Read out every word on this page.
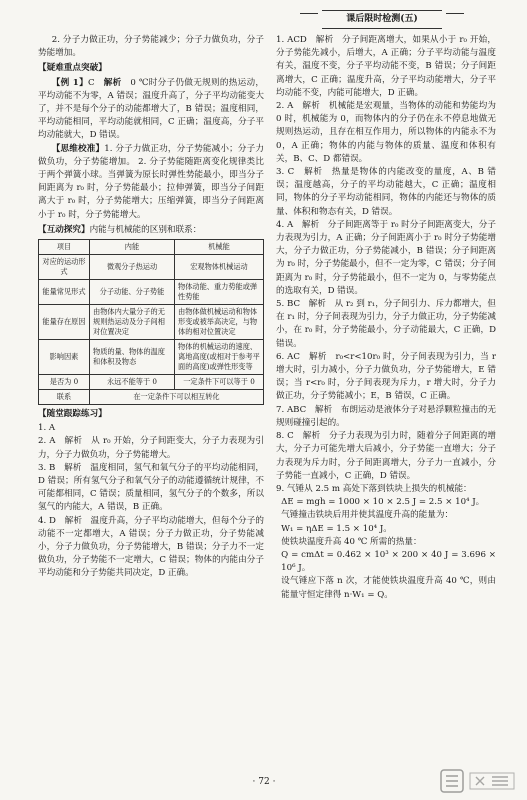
2. 分子力做正功，分子势能减少；分子力做负功，分子势能增加。

【疑难重点突破】

【例 1】C　 解析　 0 ℃时分子仍做无规则的热运动，平均动能不为零，A 错误；温度升高了，分子平均动能变大了，并不是每个分子的动能都增大了，B 错误；温度相同，平均动能相同，平均动能就相同，C 正确；温度高，分子平均动能就大，D 错误。

【思维校准】1. 分子力做正功，分子势能减小；分子力做负功，分子势能增加。 2. 分子势能随距离变化规律类比于两个弹簧小球。当弹簧为原长时弹性势能最小，即当分子间距离为 r₀ 时，分子势能最小；拉伸弹簧，即当分子间距离大于 r₀ 时，分子势能增大；压缩弹簧，即当分子间距离小于 r₀ 时，分子势能增大。

【互动探究】内能与机械能的区别和联系：
项目	内能	机械能
对应的运动形式	微观分子热运动	宏观物体机械运动
能量常见形式	分子动能、分子势能	物体动能、重力势能或弹性势能
能量存在原因	由物体内大量分子的无规则热运动及分子间相对位置决定	由物体做机械运动和物体形变或被举高决定，与物体的相对位置决定
影响因素	物质的量、物体的温度和体积及物态	物体的机械运动的速度、离地高度(或相对于参考平面的高度)或弹性形变等
是否为 0	永远不能等于 0	一定条件下可以等于 0
联系	在一定条件下可以相互转化	
【随堂跟踪练习】

1. A

2. A　解析　从 r₀ 开始，分子间距变大，分子力表现为引力，分子力做负功，分子势能增大。

3. B　解析　温度相同，氢气和氧气分子的平均动能相同，D 错误；所有氢气分子和氧气分子的动能遵循统计规律，不可能都相同，C 错误；质量相同，氢气分子的个数多，所以氢气的内能大，A 错误，B 正确。

4. D　解析　温度升高，分子平均动能增大，但每个分子的动能不一定都增大，A 错误；分子力做正功，分子势能减小，分子力做负功，分子势能增大，B 错误；分子力不一定做负功，分子势能不一定增大，C 错误；物体的内能由分子平均动能和分子势能共同决定，D 正确。

课后限时检测(五)

1. ACD　解析　分子间距离增大，如果从小于 r₀ 开始，分子势能先减小，后增大，A 正确；分子平均动能与温度有关，温度不变，分子平均动能不变，B 错误；分子间距离增大，C 正确；温度升高，分子平均动能增大，分子平均动能不变，内能可能增大，D 正确。

2. A　解析　机械能是宏观量，当物体的动能和势能均为 0 时，机械能为 0，而物体内的分子仍在永不停息地做无规则热运动，且存在相互作用力，所以物体的内能永不为 0，A 正确；物体的内能与物体的质量、温度和体积有关，B、C、D 都错误。

3. C　解析　热量是物体的内能改变的量度，A、B 错误；温度越高，分子的平均动能越大，C 正确；温度相同，物体的分子平均动能相同，物体的内能还与物体的质量、体积和物态有关，D 错误。

4. A　解析　分子间距离等于 r₀ 时分子间距离变大，分子力表现为引力，A 正确；分子间距离小于 r₀ 时分子势能增大，分子力做正功，分子势能减小，B 错误；分子间距离为 r₀ 时，分子势能最小，但不一定为零，C 错误；分子间距离为 r₀ 时，分子势能最小，但不一定为 0，与零势能点的选取有关，D 错误。

5. BC　解析　从 r₂ 到 r₁，分子间引力、斥力都增大，但在 r₁ 时，分子间表现为引力，分子力做正功，分子势能减小，在 r₀ 时，分子势能最小，分子动能最大，C 正确，D 错误。

6. AC　解析　r₀<r<10r₀ 时，分子间表现为引力，当 r 增大时，引力减小，分子力做负功，分子势能增大，E 错误；当 r<r₀ 时，分子间表现为斥力，r 增大时，分子力做正功，分子势能减小；E，B 错误，C 正确。

7. ABC　解析　布朗运动是液体分子对悬浮颗粒撞击的无规则碰撞引起的。

8. C　解析　分子力表现为引力时，随着分子间距离的增大，分子力可能先增大后减小，分子势能一直增大；分子力表现为斥力时，分子间距离增大，分子力一直减小，分子势能一直减小，C 正确，D 错误。

9. 气锤从 2.5 m 高处下落到铁块上损失的机械能：

ΔE = mgh = 1000 × 10 × 2.5 J = 2.5 × 10⁴ J。

气锤撞击铁块后用并使其温度升高的能量为：

W₁ = ηΔE = 1.5 × 10⁴ J。

使铁块温度升高 40 ℃ 所需的热量：

Q = cmΔt = 0.462 × 10³ × 200 × 40 J = 3.696 × 10⁶ J。

设气锤应下落 n 次，才能使铁块温度升高 40 ℃，则由能量守恒定律得 n·W₁ = Q。

· 72 ·
